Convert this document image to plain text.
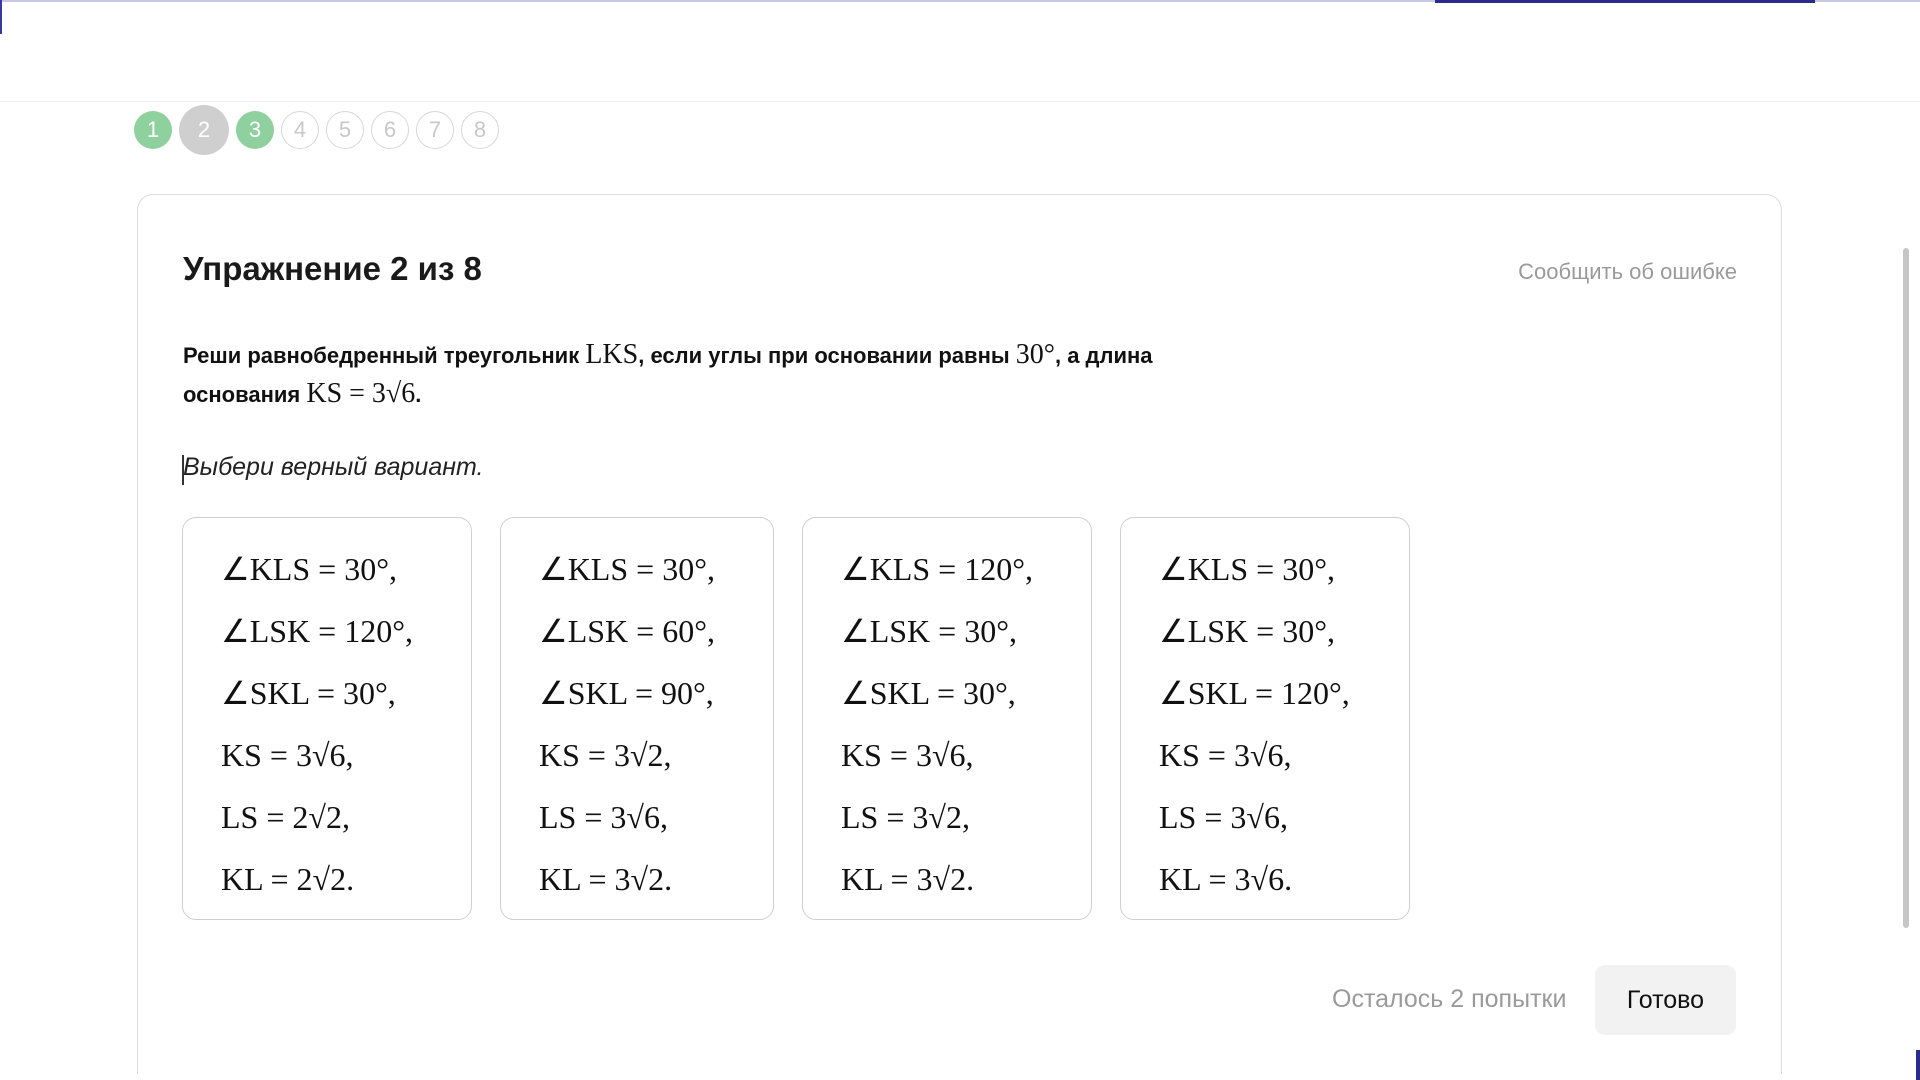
1	2	3	4	5	6	7	8
Упражнение 2 из 8	Сообщить об ошибке
Реши равнобедренный треугольник LKS, если углы при основании равны 30°, а длина
основания KS = 3√6.
Выбери верный вариант.
∠KLS = 30°,
∠LSK = 120°,
∠SKL = 30°,
KS = 3√6,
LS = 2√2,
KL = 2√2.
∠KLS = 30°,
∠LSK = 60°,
∠SKL = 90°,
KS = 3√2,
LS = 3√6,
KL = 3√2.
∠KLS = 120°,
∠LSK = 30°,
∠SKL = 30°,
KS = 3√6,
LS = 3√2,
KL = 3√2.
∠KLS = 30°,
∠LSK = 30°,
∠SKL = 120°,
KS = 3√6,
LS = 3√6,
KL = 3√6.
Осталось 2 попытки	Готово
